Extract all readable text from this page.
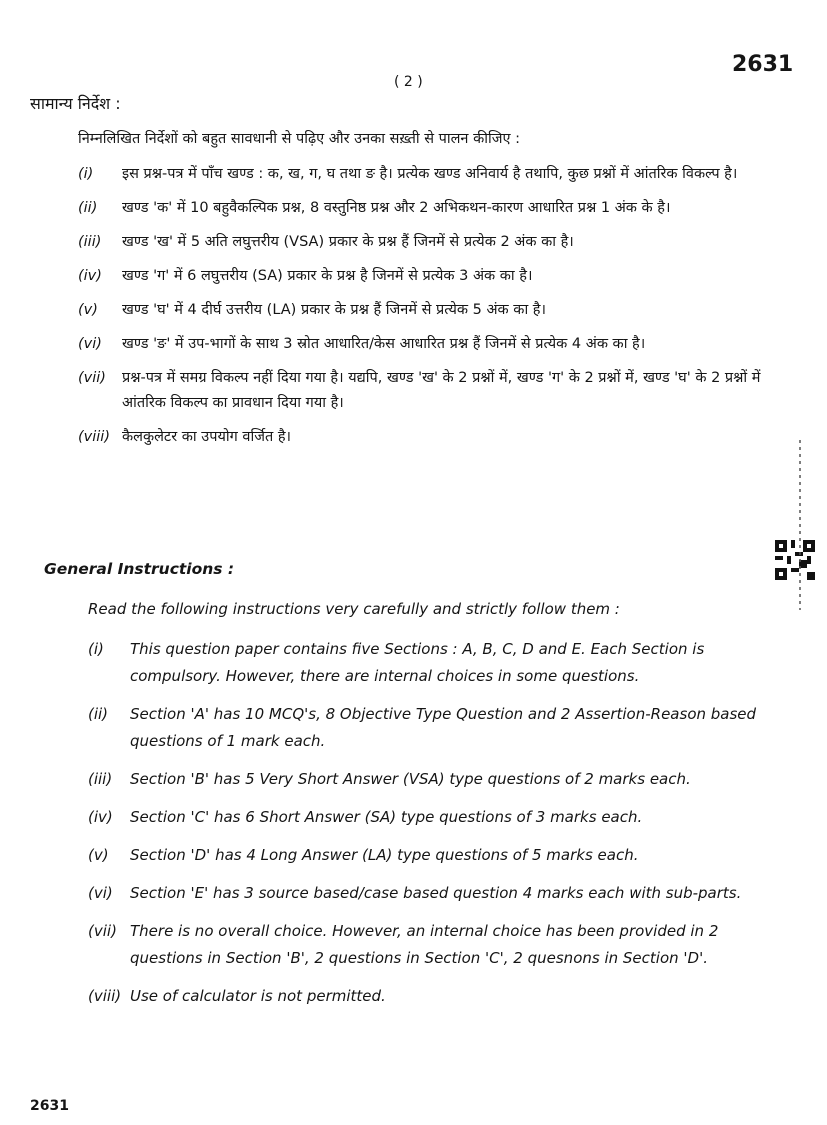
( 2 )
2631
सामान्य निर्देश :
निम्नलिखित निर्देशों को बहुत सावधानी से पढ़िए और उनका सख़्ती से पालन कीजिए :
(i)	इस प्रश्न-पत्र में पाँच खण्ड : क, ख, ग, घ तथा ङ है। प्रत्येक खण्ड अनिवार्य है तथापि, कुछ प्रश्नों में आंतरिक विकल्प है।
(ii)	खण्ड 'क' में 10 बहुवैकल्पिक प्रश्न, 8 वस्तुनिष्ठ प्रश्न और 2 अभिकथन-कारण आधारित प्रश्न 1 अंक के है।
(iii)	खण्ड 'ख' में 5 अति लघुत्तरीय (VSA) प्रकार के प्रश्न हैं जिनमें से प्रत्येक 2 अंक का है।
(iv)	खण्ड 'ग' में 6 लघुत्तरीय (SA) प्रकार के प्रश्न है जिनमें से प्रत्येक 3 अंक का है।
(v)	खण्ड 'घ' में 4 दीर्घ उत्तरीय (LA) प्रकार के प्रश्न हैं जिनमें से प्रत्येक 5 अंक का है।
(vi)	खण्ड 'ङ' में उप-भागों के साथ 3 स्रोत आधारित/केस आधारित प्रश्न हैं जिनमें से प्रत्येक 4 अंक का है।
(vii)	प्रश्न-पत्र में समग्र विकल्प नहीं दिया गया है। यद्यपि, खण्ड 'ख' के 2 प्रश्नों में, खण्ड 'ग' के 2 प्रश्नों में, खण्ड 'घ' के 2 प्रश्नों में आंतरिक विकल्प का प्रावधान दिया गया है।
(viii) कैलकुलेटर का उपयोग वर्जित है।
General Instructions :
Read the following instructions very carefully and strictly follow them :
(i)	This question paper contains five Sections : A, B, C, D and E. Each Section is compulsory. However, there are internal choices in some questions.
(ii)	Section 'A' has 10 MCQ's, 8 Objective Type Question and 2 Assertion-Reason based questions of 1 mark each.
(iii)	Section 'B' has 5 Very Short Answer (VSA) type questions of 2 marks each.
(iv)	Section 'C' has 6 Short Answer (SA) type questions of 3 marks each.
(v)	Section 'D' has 4 Long Answer (LA) type questions of 5 marks each.
(vi)	Section 'E' has 3 source based/case based question 4 marks each with sub-parts.
(vii) There is no overall choice. However, an internal choice has been provided in 2 questions in Section 'B', 2 questions in Section 'C', 2 quesnons in Section 'D'.
(viii) Use of calculator is not permitted.
2631
